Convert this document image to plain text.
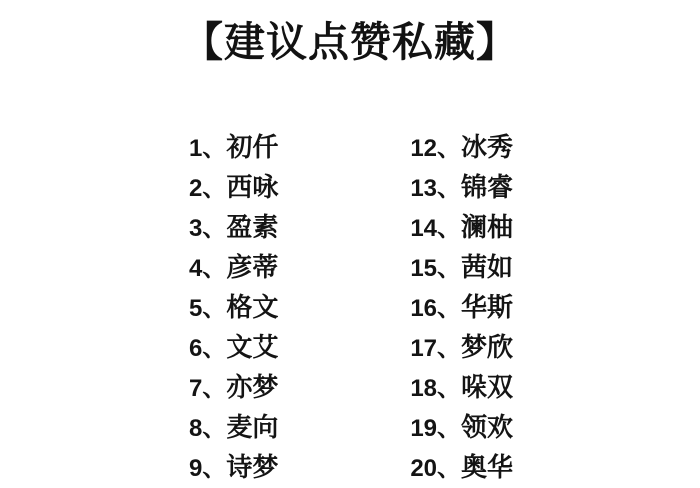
【建议点赞私藏】
1 、 初仟
2 、 西咏
3 、 盈素
4 、 彦蒂
5 、 格文
6 、 文艾
7 、 亦梦
8 、 麦向
9 、 诗梦
12 、 冰秀
13 、 锦睿
14 、 澜柚
15 、 茜如
16 、 华斯
17 、 梦欣
18 、 哚双
19 、 领欢
20 、 奥华
